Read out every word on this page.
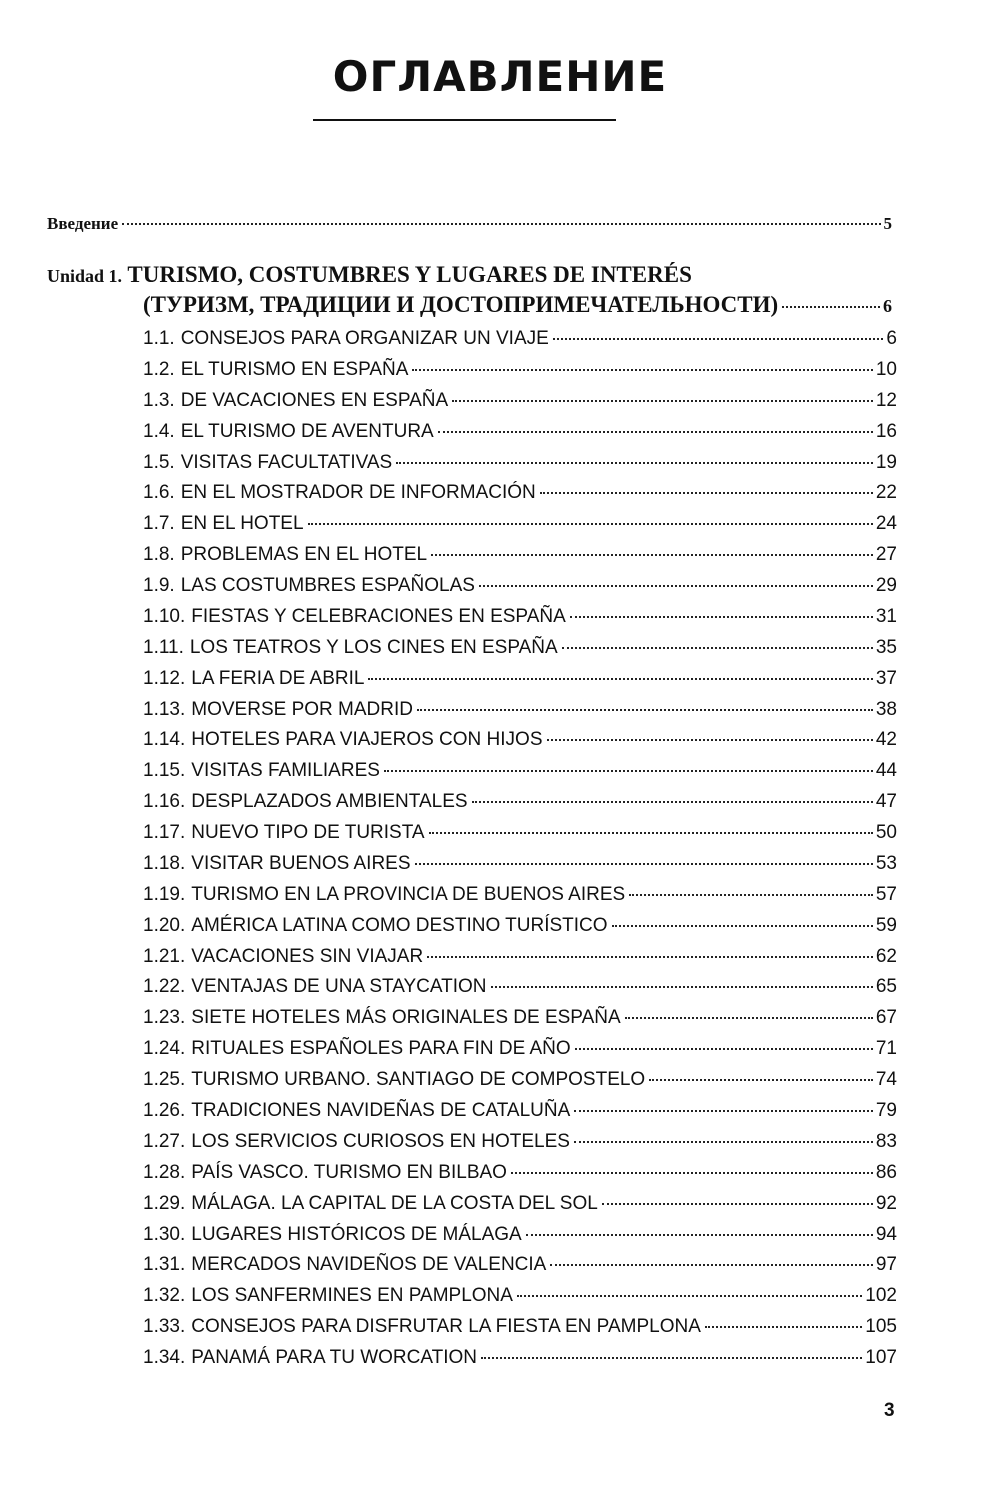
ОГЛАВЛЕНИЕ
Введение	5
Unidad 1. TURISMO, COSTUMBRES Y LUGARES DE INTERÉS
(ТУРИЗМ, ТРАДИЦИИ И ДОСТОПРИМЕЧАТЕЛЬНОСТИ)	6
1.1. CONSEJOS PARA ORGANIZAR UN VIAJE	6
1.2. EL TURISMO EN ESPAÑA	10
1.3. DE VACACIONES EN ESPAÑA	12
1.4. EL TURISMO DE AVENTURA	16
1.5. VISITAS FACULTATIVAS	19
1.6. EN EL MOSTRADOR DE INFORMACIÓN	22
1.7. EN EL HOTEL	24
1.8. PROBLEMAS EN EL HOTEL	27
1.9. LAS COSTUMBRES ESPAÑOLAS	29
1.10. FIESTAS Y CELEBRACIONES EN ESPAÑA	31
1.11. LOS TEATROS Y LOS CINES EN ESPAÑA	35
1.12. LA FERIA DE ABRIL	37
1.13. MOVERSE POR MADRID	38
1.14. HOTELES PARA VIAJEROS CON HIJOS	42
1.15. VISITAS FAMILIARES	44
1.16. DESPLAZADOS AMBIENTALES	47
1.17. NUEVO TIPO DE TURISTA	50
1.18. VISITAR BUENOS AIRES	53
1.19. TURISMO EN LA PROVINCIA DE BUENOS AIRES	57
1.20. AMÉRICA LATINA COMO DESTINO TURÍSTICO	59
1.21. VACACIONES SIN VIAJAR	62
1.22. VENTAJAS DE UNA STAYCATION	65
1.23. SIETE HOTELES MÁS ORIGINALES DE ESPAÑA	67
1.24. RITUALES ESPAÑOLES PARA FIN DE AÑO	71
1.25. TURISMO URBANO. SANTIAGO DE COMPOSTELO	74
1.26. TRADICIONES NAVIDEÑAS DE CATALUÑA	79
1.27. LOS SERVICIOS CURIOSOS EN HOTELES	83
1.28. PAÍS VASCO. TURISMO EN BILBAO	86
1.29. MÁLAGA. LA CAPITAL DE LA COSTA DEL SOL	92
1.30. LUGARES HISTÓRICOS DE MÁLAGA	94
1.31. MERCADOS NAVIDEÑOS DE VALENCIA	97
1.32. LOS SANFERMINES EN PAMPLONA	102
1.33. CONSEJOS PARA DISFRUTAR LA FIESTA EN PAMPLONA	105
1.34. PANAMÁ PARA TU WORCATION	107
3
